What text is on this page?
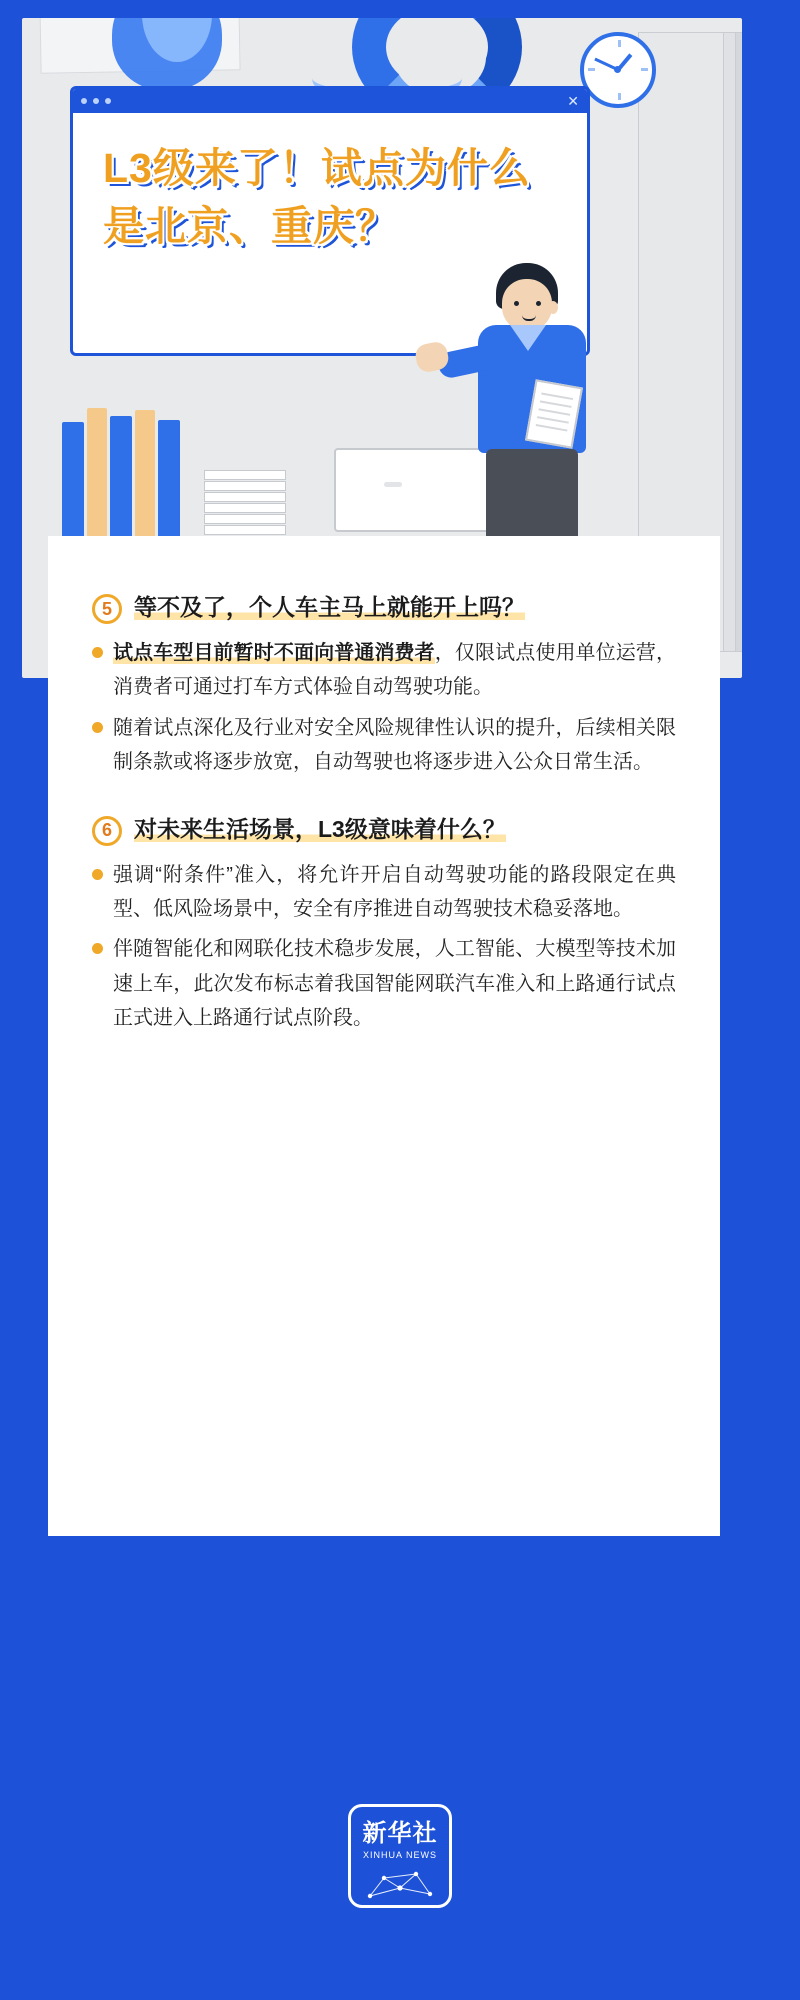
✕
L3级来了！试点为什么
是北京、重庆？
5 等不及了，个人车主马上就能开上吗？
试点车型目前暂时不面向普通消费者，仅限试点使用单位运营，消费者可通过打车方式体验自动驾驶功能。
随着试点深化及行业对安全风险规律性认识的提升，后续相关限制条款或将逐步放宽，自动驾驶也将逐步进入公众日常生活。
6 对未来生活场景，L3级意味着什么？
强调“附条件”准入，将允许开启自动驾驶功能的路段限定在典型、低风险场景中，安全有序推进自动驾驶技术稳妥落地。
伴随智能化和网联化技术稳步发展，人工智能、大模型等技术加速上车，此次发布标志着我国智能网联汽车准入和上路通行试点正式进入上路通行试点阶段。
新华社
XINHUA NEWS
